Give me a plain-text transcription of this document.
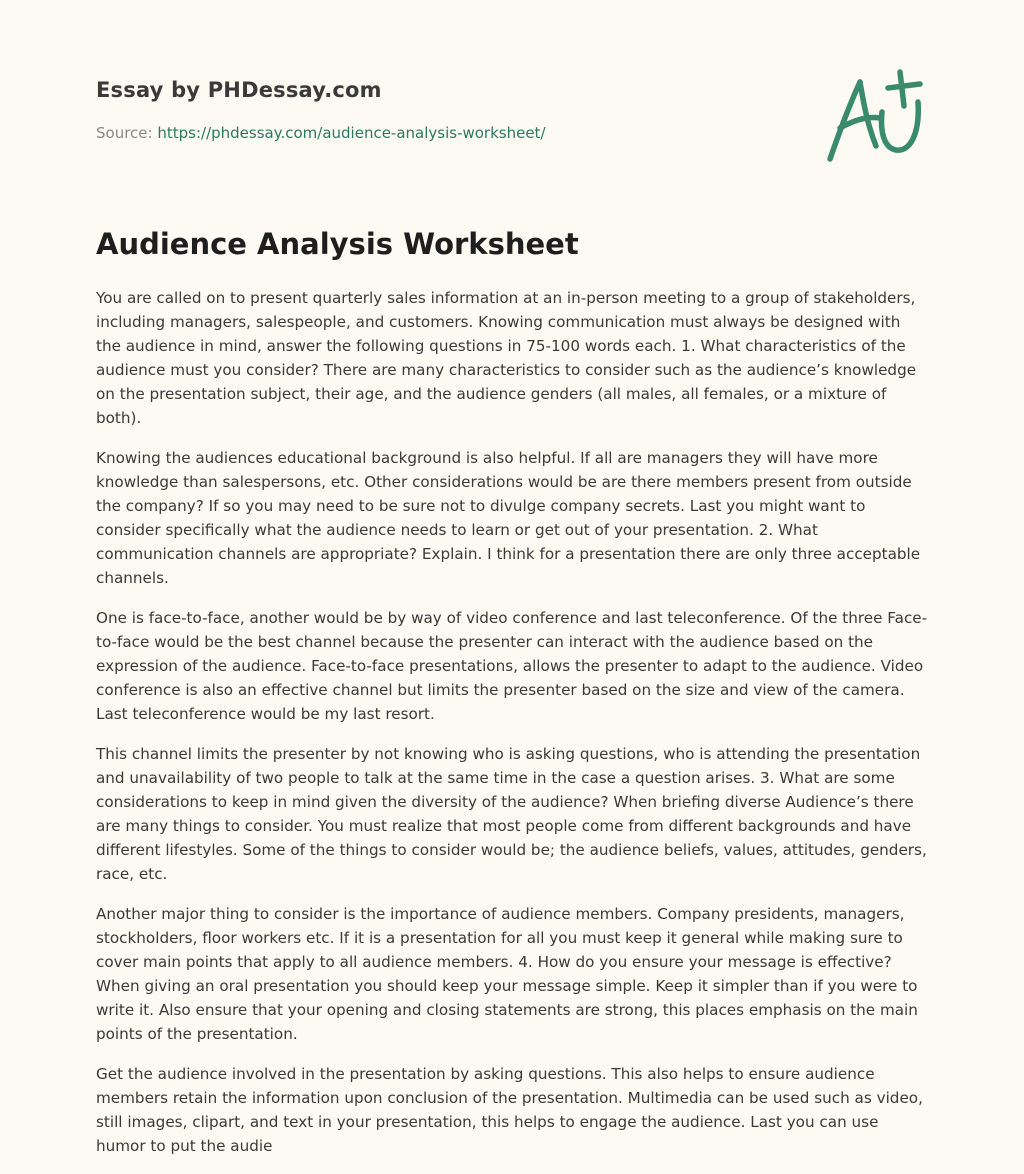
Essay by PHDessay.com
Source: https://phdessay.com/audience-analysis-worksheet/
Audience Analysis Worksheet

You are called on to present quarterly sales information at an in-person meeting to a group of stakeholders, including managers, salespeople, and customers. Knowing communication must always be designed with the audience in mind, answer the following questions in 75-100 words each. 1. What characteristics of the audience must you consider? There are many characteristics to consider such as the audience’s knowledge on the presentation subject, their age, and the audience genders (all males, all females, or a mixture of both).

Knowing the audiences educational background is also helpful. If all are managers they will have more knowledge than salespersons, etc. Other considerations would be are there members present from outside the company? If so you may need to be sure not to divulge company secrets. Last you might want to consider specifically what the audience needs to learn or get out of your presentation. 2. What communication channels are appropriate? Explain. I think for a presentation there are only three acceptable channels.

One is face-to-face, another would be by way of video conference and last teleconference. Of the three Face-to-face would be the best channel because the presenter can interact with the audience based on the expression of the audience. Face-to-face presentations, allows the presenter to adapt to the audience. Video conference is also an effective channel but limits the presenter based on the size and view of the camera. Last teleconference would be my last resort.

This channel limits the presenter by not knowing who is asking questions, who is attending the presentation and unavailability of two people to talk at the same time in the case a question arises. 3. What are some considerations to keep in mind given the diversity of the audience? When briefing diverse Audience’s there are many things to consider. You must realize that most people come from different backgrounds and have different lifestyles. Some of the things to consider would be; the audience beliefs, values, attitudes, genders, race, etc.

Another major thing to consider is the importance of audience members. Company presidents, managers, stockholders, floor workers etc. If it is a presentation for all you must keep it general while making sure to cover main points that apply to all audience members. 4. How do you ensure your message is effective? When giving an oral presentation you should keep your message simple. Keep it simpler than if you were to write it. Also ensure that your opening and closing statements are strong, this places emphasis on the main points of the presentation.

Get the audience involved in the presentation by asking questions. This also helps to ensure audience members retain the information upon conclusion of the presentation. Multimedia can be used such as video, still images, clipart, and text in your presentation, this helps to engage the audience. Last you can use humor to put the audie
